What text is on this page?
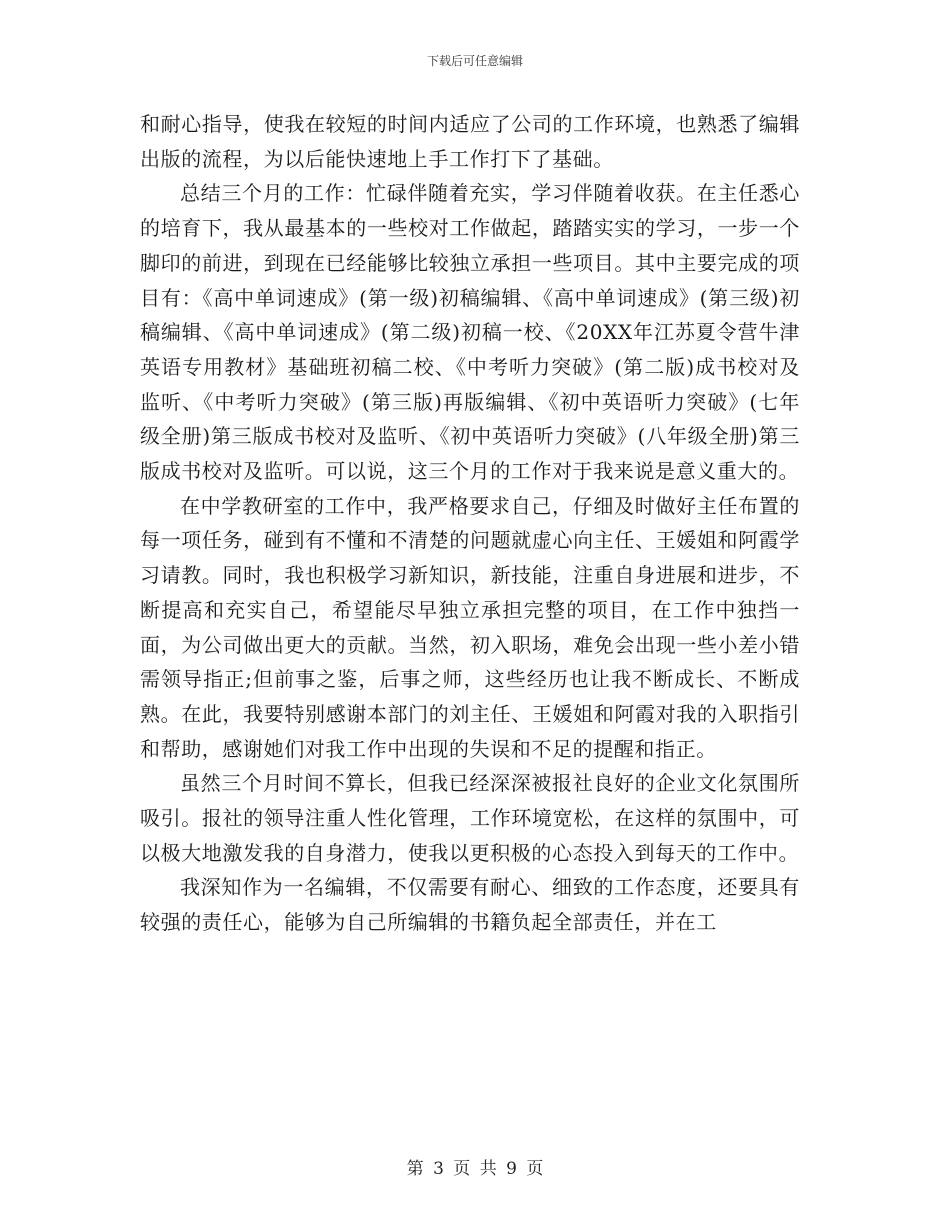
下载后可任意编辑

和耐心指导，使我在较短的时间内适应了公司的工作环境，也熟悉了编辑出版的流程，为以后能快速地上手工作打下了基础。

总结三个月的工作：忙碌伴随着充实，学习伴随着收获。在主任悉心的培育下，我从最基本的一些校对工作做起，踏踏实实的学习，一步一个脚印的前进，到现在已经能够比较独立承担一些项目。其中主要完成的项目有：《高中单词速成》(第一级)初稿编辑、《高中单词速成》(第三级)初稿编辑、《高中单词速成》(第二级)初稿一校、《20XX年江苏夏令营牛津英语专用教材》基础班初稿二校、《中考听力突破》(第二版)成书校对及监听、《中考听力突破》(第三版)再版编辑、《初中英语听力突破》(七年级全册)第三版成书校对及监听、《初中英语听力突破》(八年级全册)第三版成书校对及监听。可以说，这三个月的工作对于我来说是意义重大的。

在中学教研室的工作中，我严格要求自己，仔细及时做好主任布置的每一项任务，碰到有不懂和不清楚的问题就虚心向主任、王媛姐和阿霞学习请教。同时，我也积极学习新知识，新技能，注重自身进展和进步，不断提高和充实自己，希望能尽早独立承担完整的项目，在工作中独挡一面，为公司做出更大的贡献。当然，初入职场，难免会出现一些小差小错需领导指正;但前事之鉴，后事之师，这些经历也让我不断成长、不断成熟。在此，我要特别感谢本部门的刘主任、王媛姐和阿霞对我的入职指引和帮助，感谢她们对我工作中出现的失误和不足的提醒和指正。

虽然三个月时间不算长，但我已经深深被报社良好的企业文化氛围所吸引。报社的领导注重人性化管理，工作环境宽松，在这样的氛围中，可以极大地激发我的自身潜力，使我以更积极的心态投入到每天的工作中。

我深知作为一名编辑，不仅需要有耐心、细致的工作态度，还要具有较强的责任心，能够为自己所编辑的书籍负起全部责任，并在工

第 3 页 共 9 页
